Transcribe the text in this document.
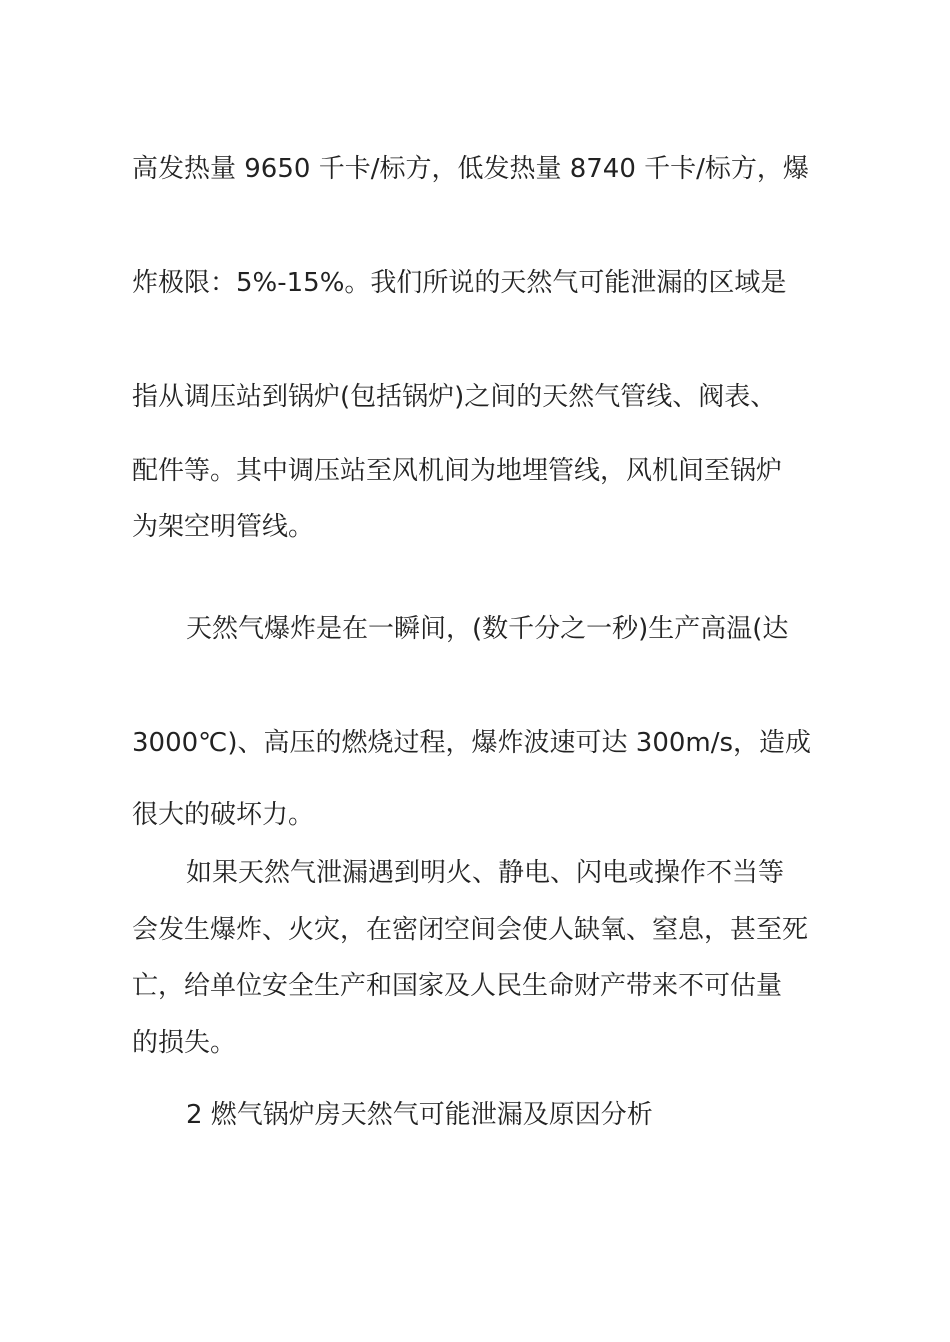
高发热量 9650 千卡/标方，低发热量 8740 千卡/标方，爆
炸极限：5%-15%。我们所说的天然气可能泄漏的区域是
指从调压站到锅炉(包括锅炉)之间的天然气管线、阀表、
配件等。其中调压站至风机间为地埋管线，风机间至锅炉
为架空明管线。
天然气爆炸是在一瞬间，(数千分之一秒)生产高温(达
3000℃)、高压的燃烧过程，爆炸波速可达 300m/s，造成
很大的破坏力。
如果天然气泄漏遇到明火、静电、闪电或操作不当等
会发生爆炸、火灾，在密闭空间会使人缺氧、窒息，甚至死
亡，给单位安全生产和国家及人民生命财产带来不可估量
的损失。
2 燃气锅炉房天然气可能泄漏及原因分析
